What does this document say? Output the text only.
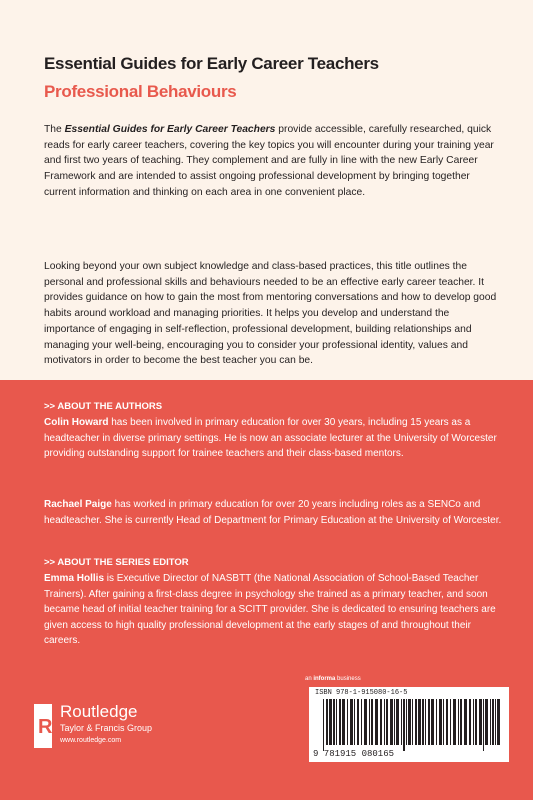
Essential Guides for Early Career Teachers
Professional Behaviours

The Essential Guides for Early Career Teachers provide accessible, carefully researched, quick reads for early career teachers, covering the key topics you will encounter during your training year and first two years of teaching. They complement and are fully in line with the new Early Career Framework and are intended to assist ongoing professional development by bringing together current information and thinking on each area in one convenient place.

Looking beyond your own subject knowledge and class-based practices, this title outlines the personal and professional skills and behaviours needed to be an effective early career teacher. It provides guidance on how to gain the most from mentoring conversations and how to develop good habits around workload and managing priorities. It helps you develop and understand the importance of engaging in self-reflection, professional development, building relationships and managing your well-being, encouraging you to consider your professional identity, values and motivators in order to become the best teacher you can be.

>> ABOUT THE AUTHORS

Colin Howard has been involved in primary education for over 30 years, including 15 years as a headteacher in diverse primary settings. He is now an associate lecturer at the University of Worcester providing outstanding support for trainee teachers and their class-based mentors.

Rachael Paige has worked in primary education for over 20 years including roles as a SENCo and headteacher. She is currently Head of Department for Primary Education at the University of Worcester.

>> ABOUT THE SERIES EDITOR

Emma Hollis is Executive Director of NASBTT (the National Association of School-Based Teacher Trainers). After gaining a first-class degree in psychology she trained as a primary teacher, and soon became head of initial teacher training for a SCITT provider. She is dedicated to ensuring teachers are given access to high quality professional development at the early stages of and throughout their careers.

R
Routledge
Taylor & Francis Group
www.routledge.com
an informa business
ISBN 978-1-915080-16-5
9 781915 080165
